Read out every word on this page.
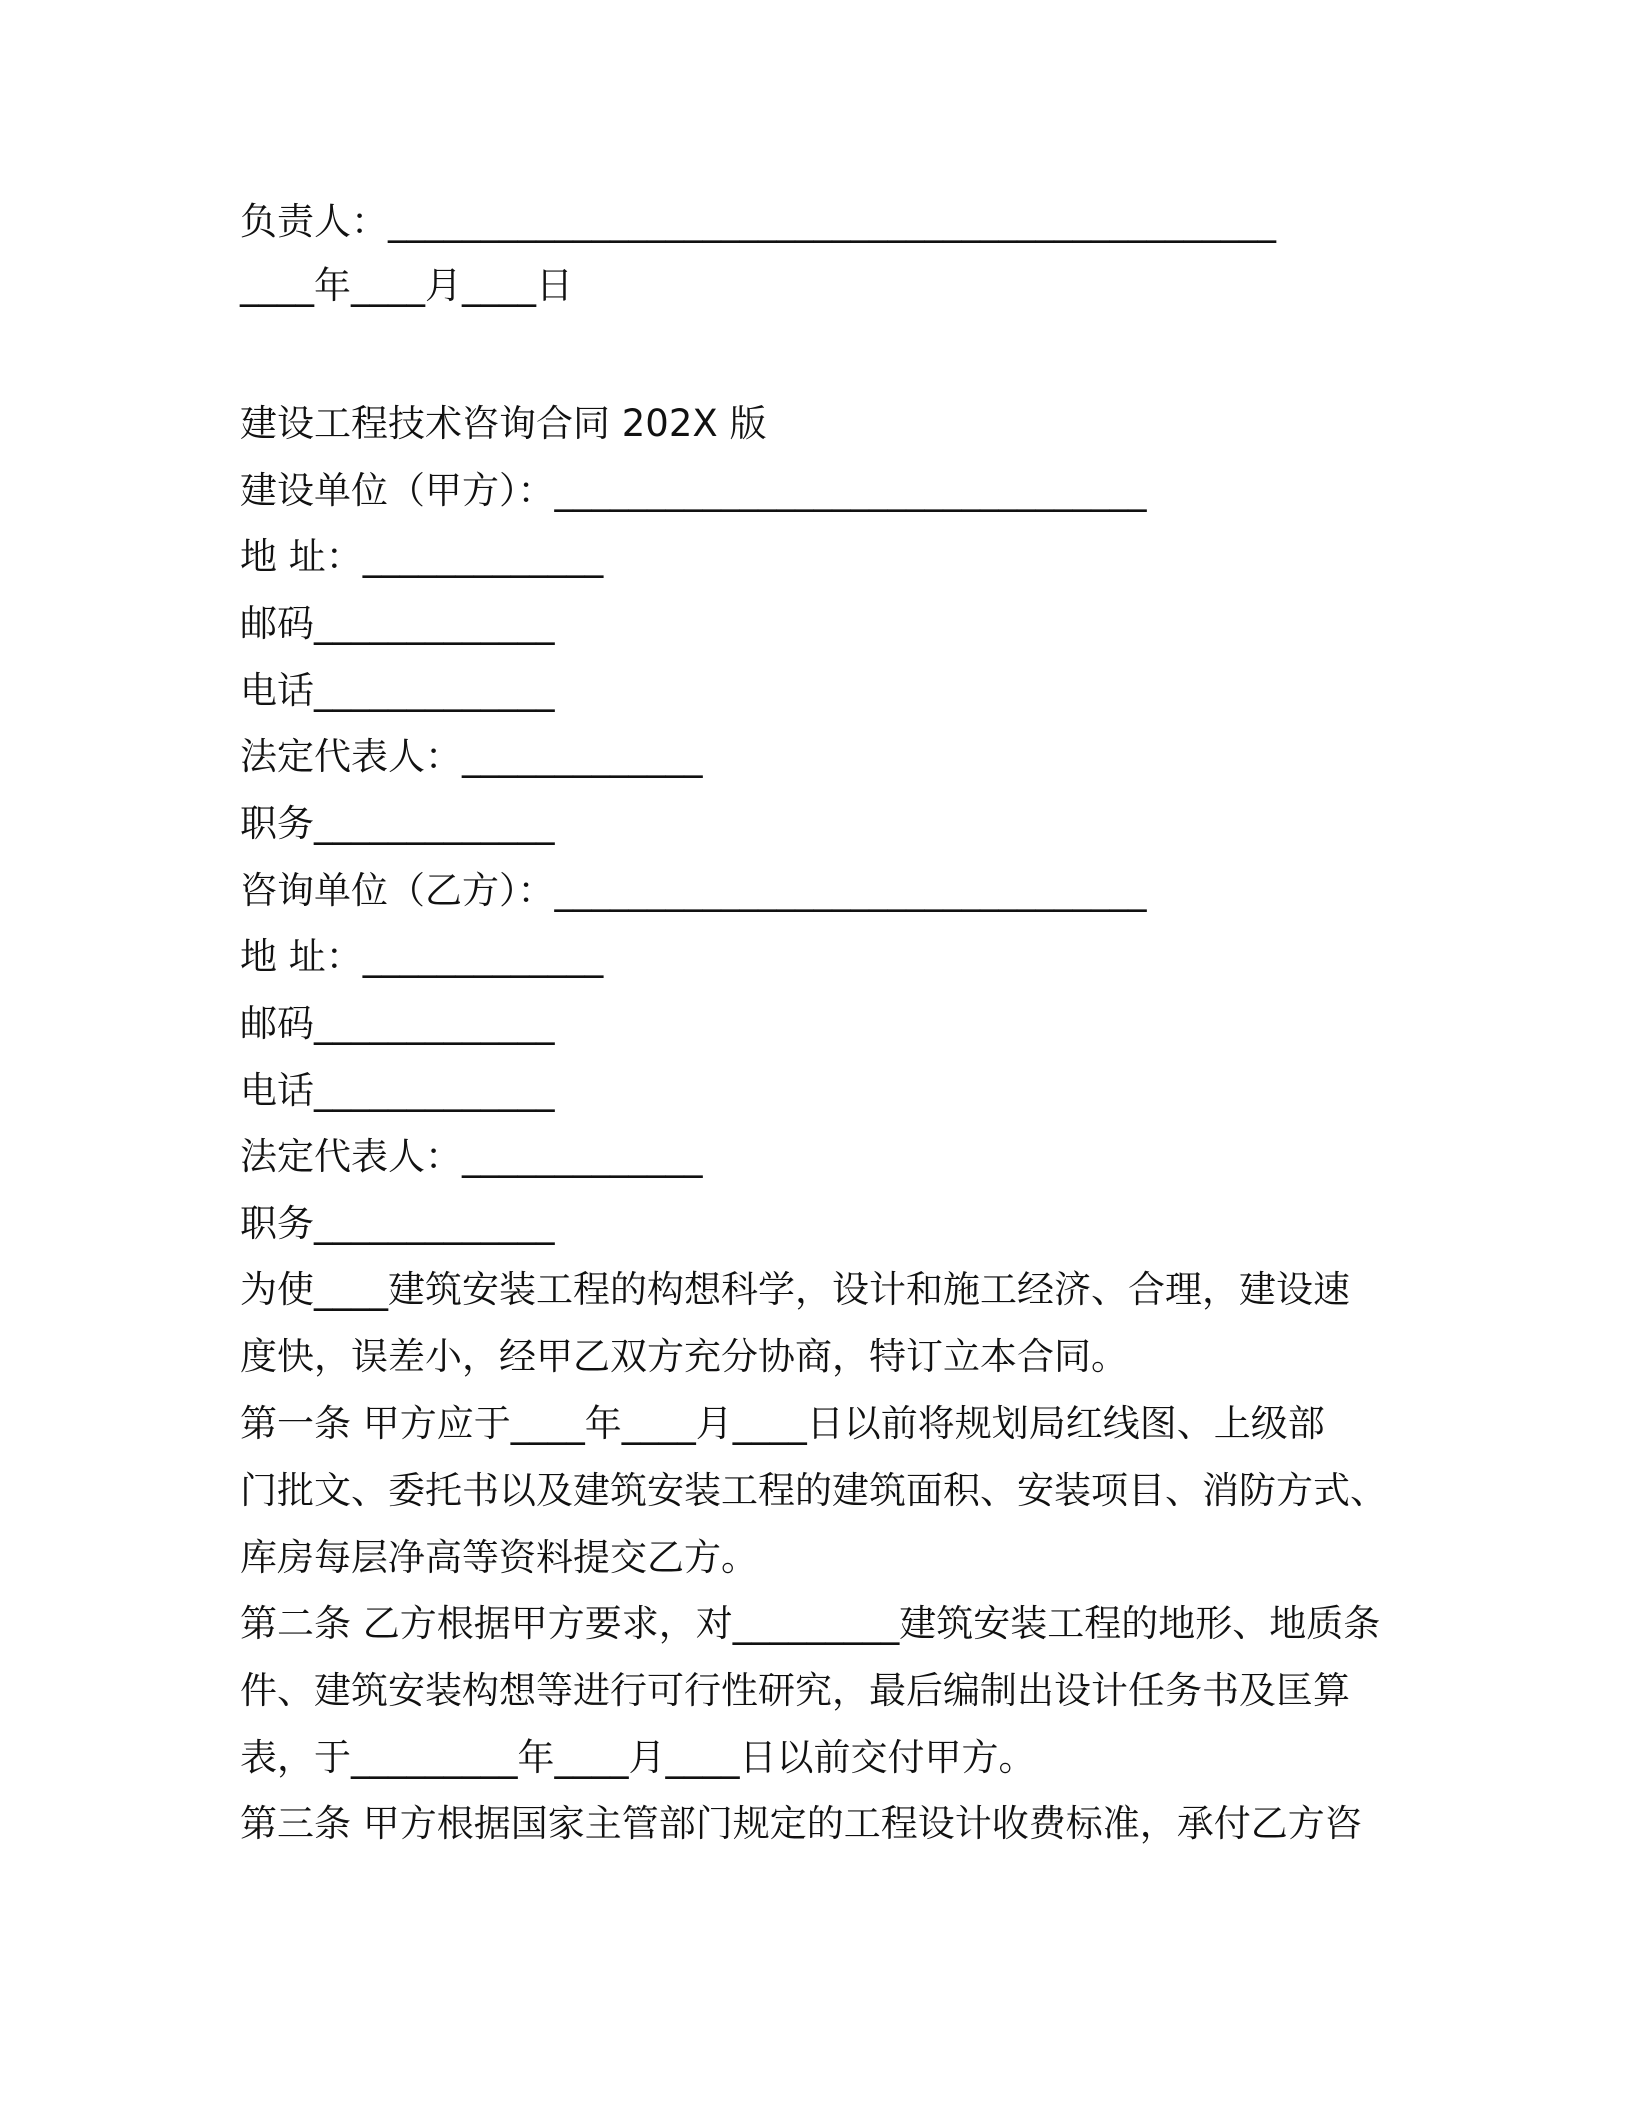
负责人：________________________________________________
____年____月____日
建设工程技术咨询合同 202X 版
建设单位（甲方）：________________________________
地 址：_____________
邮码_____________
电话_____________
法定代表人：_____________
职务_____________
咨询单位（乙方）：________________________________
地 址：_____________
邮码_____________
电话_____________
法定代表人：_____________
职务_____________
为使____建筑安装工程的构想科学，设计和施工经济、合理，建设速
度快，误差小，经甲乙双方充分协商，特订立本合同。
第一条 甲方应于____年____月____日以前将规划局红线图、上级部
门批文、委托书以及建筑安装工程的建筑面积、安装项目、消防方式、
库房每层净高等资料提交乙方。
第二条 乙方根据甲方要求，对_________建筑安装工程的地形、地质条
件、建筑安装构想等进行可行性研究，最后编制出设计任务书及匡算
表，于_________年____月____日以前交付甲方。
第三条 甲方根据国家主管部门规定的工程设计收费标准，承付乙方咨
